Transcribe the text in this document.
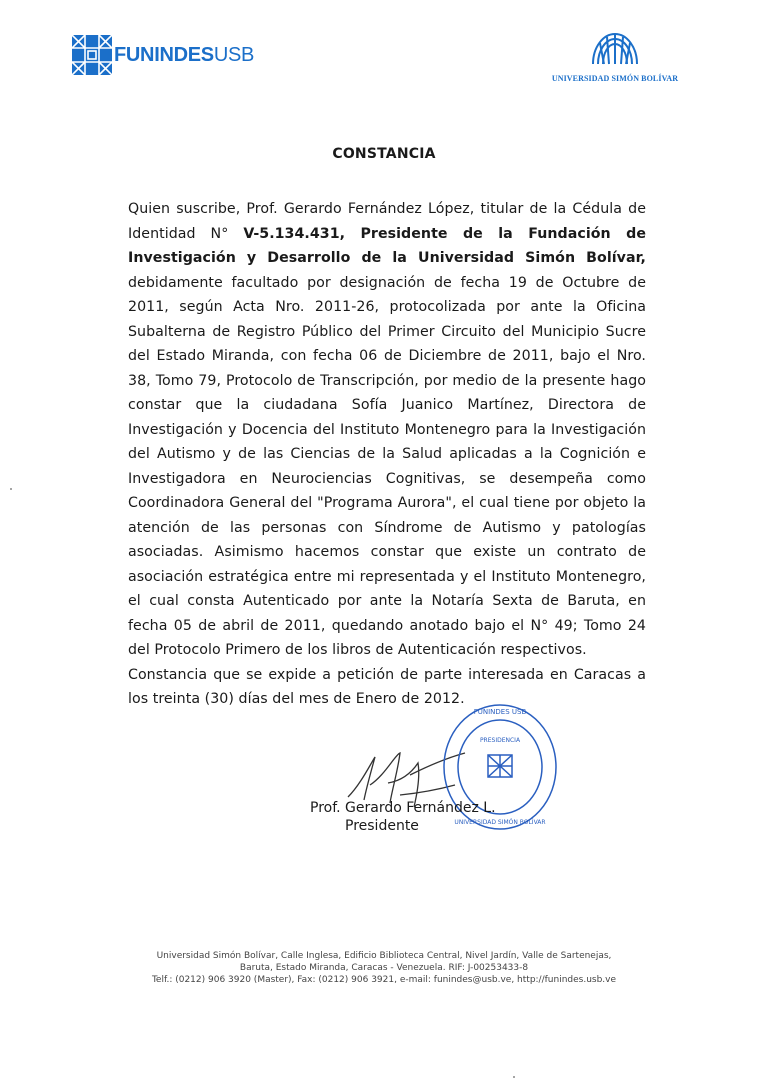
FUNINDESUSB
UNIVERSIDAD SIMÓN BOLÍVAR
CONSTANCIA

Quien suscribe, Prof. Gerardo Fernández López, titular de la Cédula de Identidad N° V-5.134.431, Presidente de la Fundación de Investigación y Desarrollo de la Universidad Simón Bolívar, debidamente facultado por designación de fecha 19 de Octubre de 2011, según Acta Nro. 2011-26, protocolizada por ante la Oficina Subalterna de Registro Público del Primer Circuito del Municipio Sucre del Estado Miranda, con fecha 06 de Diciembre de 2011, bajo el Nro. 38, Tomo 79, Protocolo de Transcripción, por medio de la presente hago constar que la ciudadana Sofía Juanico Martínez, Directora de Investigación y Docencia del Instituto Montenegro para la Investigación del Autismo y de las Ciencias de la Salud aplicadas a la Cognición e Investigadora en Neurociencias Cognitivas, se desempeña como Coordinadora General del "Programa Aurora", el cual tiene por objeto la atención de las personas con Síndrome de Autismo y patologías asociadas. Asimismo hacemos constar que existe un contrato de asociación estratégica entre mi representada y el Instituto Montenegro, el cual consta Autenticado por ante la Notaría Sexta de Baruta, en fecha 05 de abril de 2011, quedando anotado bajo el N° 49; Tomo 24 del Protocolo Primero de los libros de Autenticación respectivos.

Constancia que se expide a petición de parte interesada en Caracas a los treinta (30) días del mes de Enero de 2012.

FUNINDES USB
PRESIDENCIA
UNIVERSIDAD SIMÓN BOLÍVAR
Prof. Gerardo Fernández L.
Presidente
Universidad Simón Bolívar, Calle Inglesa, Edificio Biblioteca Central, Nivel Jardín, Valle de Sartenejas,
Baruta, Estado Miranda, Caracas - Venezuela. RIF: J-00253433-8
Telf.: (0212) 906 3920 (Master), Fax: (0212) 906 3921, e-mail: funindes@usb.ve, http://funindes.usb.ve
